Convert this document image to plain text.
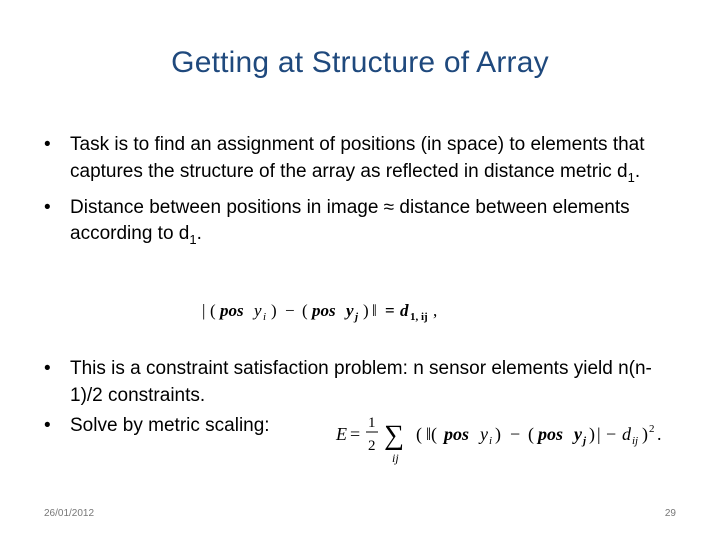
Getting at Structure of Array
•
Task is to find an assignment of positions (in space) to elements that captures the structure of the array as reflected in distance metric $d_1$.
•
Distance between positions in image ≈ distance between elements according to $d_1$.
| ( pos y i ) − ( pos y j ) ‖ = d 1, ij ,
•
This is a constraint satisfaction problem: n sensor elements yield n(n-1)/2 constraints.
•
Solve by metric scaling:	E =
1
2 ∑
ij
( ‖( pos y i ) − ( pos y j ) | − d ij ) 2 .
26/01/2012	29
